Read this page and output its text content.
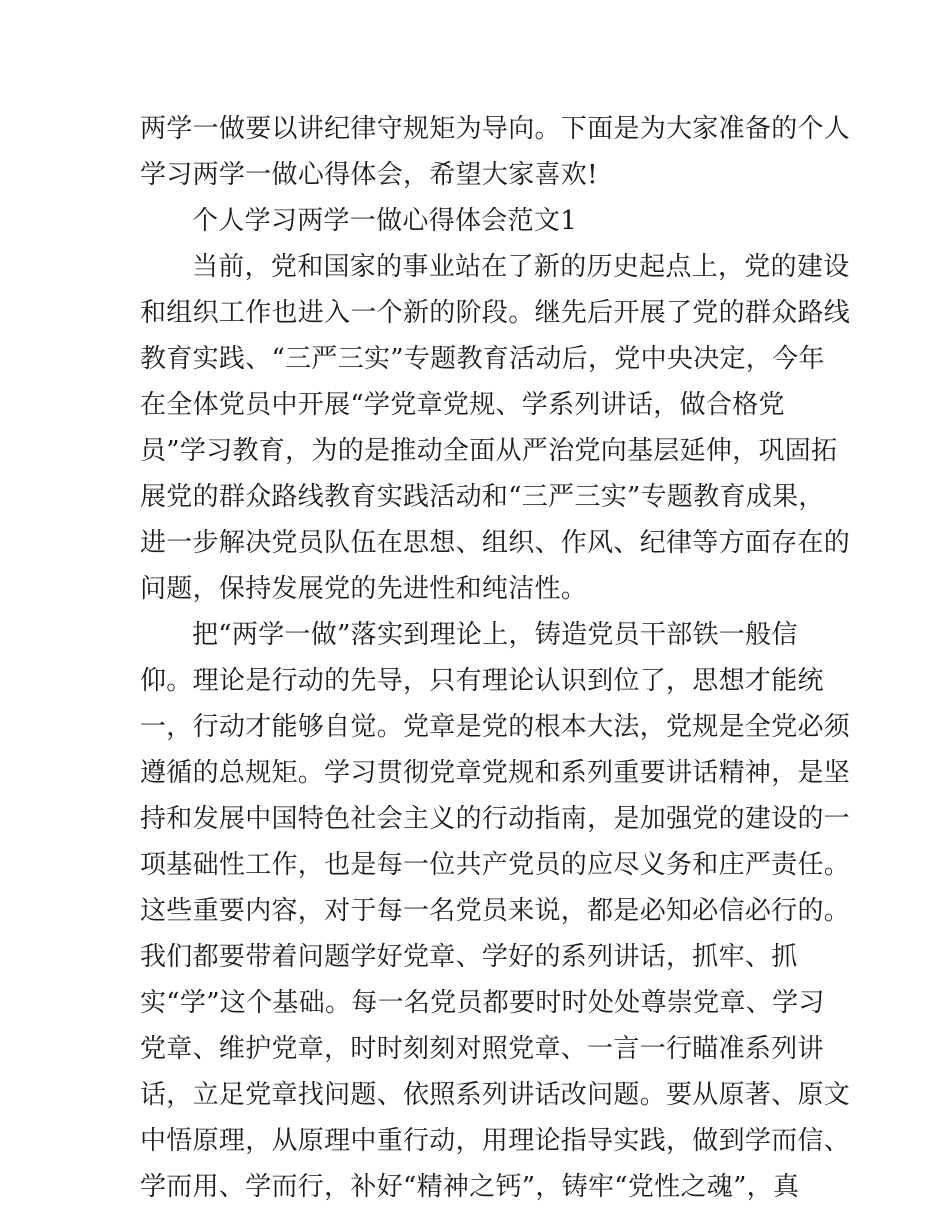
两学一做要以讲纪律守规矩为导向。下面是为大家准备的个人
学习两学一做心得体会，希望大家喜欢!
个人学习两学一做心得体会范文1
当前，党和国家的事业站在了新的历史起点上，党的建设
和组织工作也进入一个新的阶段。继先后开展了党的群众路线
教育实践、“三严三实”专题教育活动后，党中央决定，今年
在全体党员中开展“学党章党规、学系列讲话，做合格党
员”学习教育，为的是推动全面从严治党向基层延伸，巩固拓
展党的群众路线教育实践活动和“三严三实”专题教育成果，
进一步解决党员队伍在思想、组织、作风、纪律等方面存在的
问题，保持发展党的先进性和纯洁性。
把“两学一做”落实到理论上，铸造党员干部铁一般信
仰。理论是行动的先导，只有理论认识到位了，思想才能统
一，行动才能够自觉。党章是党的根本大法，党规是全党必须
遵循的总规矩。学习贯彻党章党规和系列重要讲话精神，是坚
持和发展中国特色社会主义的行动指南，是加强党的建设的一
项基础性工作，也是每一位共产党员的应尽义务和庄严责任。
这些重要内容，对于每一名党员来说，都是必知必信必行的。
我们都要带着问题学好党章、学好的系列讲话，抓牢、抓
实“学”这个基础。每一名党员都要时时处处尊崇党章、学习
党章、维护党章，时时刻刻对照党章、一言一行瞄准系列讲
话，立足党章找问题、依照系列讲话改问题。要从原著、原文
中悟原理，从原理中重行动，用理论指导实践，做到学而信、
学而用、学而行，补好“精神之钙”，铸牢“党性之魂”，真
